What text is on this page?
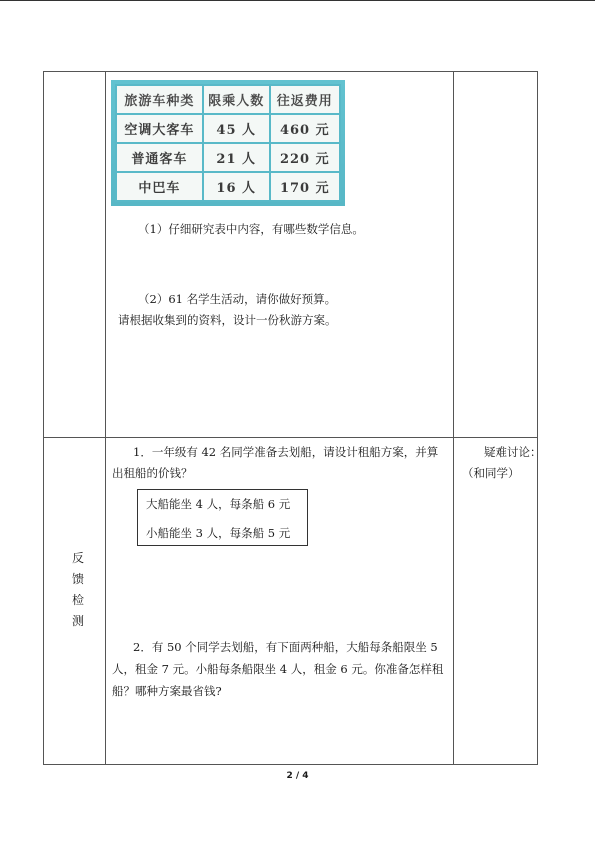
旅游车种类	限乘人数	往返费用
空调大客车	45 人	460 元
普通客车	21 人	220 元
中巴车	16 人	170 元
（1）仔细研究表中内容，有哪些数学信息。
（2）61 名学生活动，请你做好预算。
请根据收集到的资料，设计一份秋游方案。
反
馈
检
测
1．一年级有 42 名同学准备去划船，请设计租船方案，并算
出租船的价钱？
大船能坐 4 人，每条船 6 元
小船能坐 3 人，每条船 5 元
2．有 50 个同学去划船，有下面两种船，大船每条船限坐 5
人，租金 7 元。小船每条船限坐 4 人，租金 6 元。你准备怎样租
船？哪种方案最省钱?
疑难讨论：
（和同学）
2 / 4
